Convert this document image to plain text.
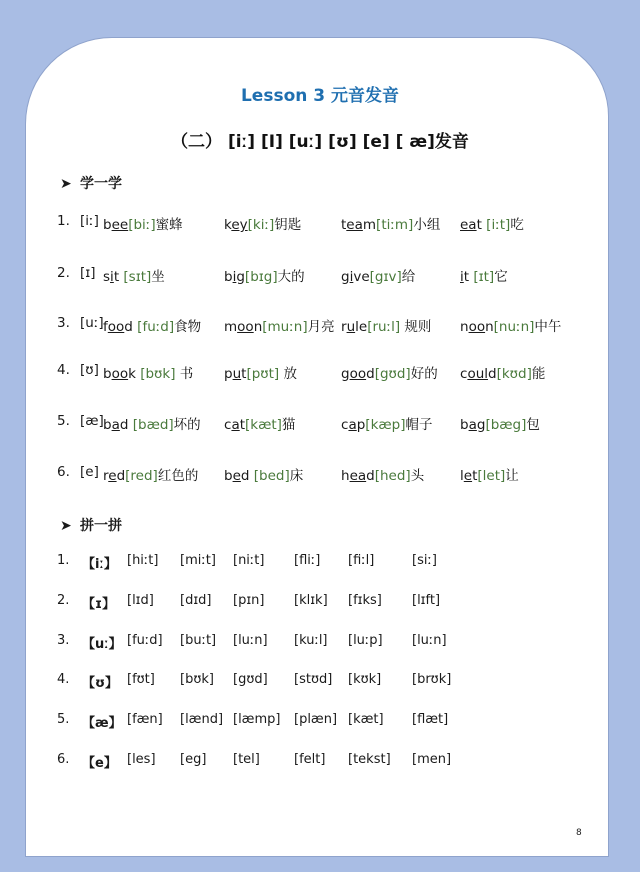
Lesson 3 元音发音
（二） [iː] [I] [uː] [ʊ] [e] [ æ]发音
➤ 学一学
1. [iː] bee[biː]蜜蜂	key[kiː]钥匙	team[tiːm]小组 eat [iːt]吃
2. [ɪ] sit [sɪt]坐	big[bɪg]大的	give[gɪv]给	it [ɪt]它
3. [uː] food [fuːd]食物 moon[muːn]月亮 rule[ruːl] 规则 noon[nuːn]中午
4. [ʊ] book [bʊk] 书 put[pʊt] 放	good[gʊd]好的 could[kʊd]能
5. [æ] bad [bæd]坏的 cat[kæt]猫	cap[kæp]帽子 bag[bæg]包
6. [e] red[red]红色的 bed [bed]床	head[hed]头	let[let]让
➤ 拼一拼
1. 【iː】 [hiːt] [miːt] [niːt] [fliː] [fiːl]	[siː]
2. 【ɪ】 [lɪd] [dɪd] [pɪn] [klɪk] [fɪks] [lɪft]
3. 【uː】 [fuːd] [buːt] [luːn] [kuːl] [luːp] [luːn]
4. 【ʊ】 [fʊt] [bʊk] [gʊd] [stʊd] [kʊk] [brʊk]
5. 【æ】 [fæn] [lænd] [læmp] [plæn] [kæt] [flæt]
6. 【e】 [les] [eg] [tel]	[felt] [tekst] [men]
8
